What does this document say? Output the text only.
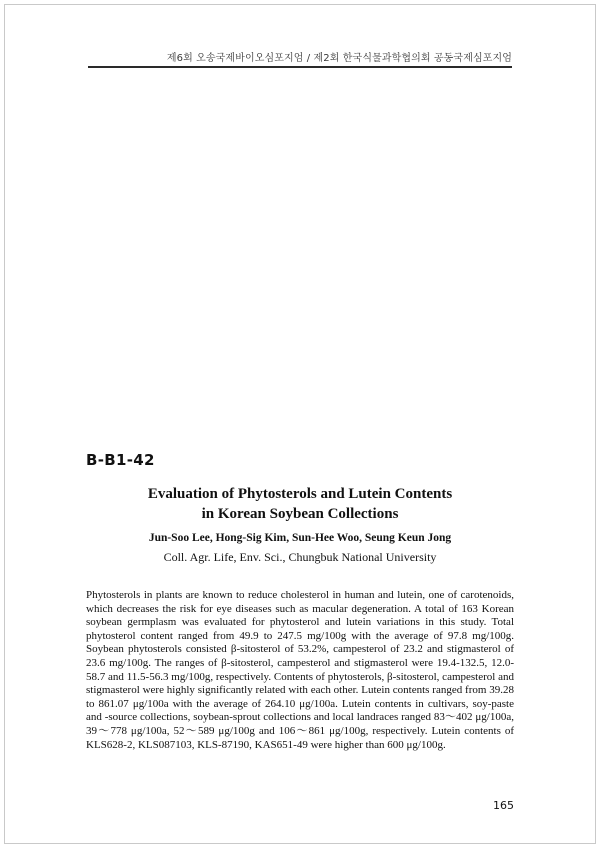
제6회 오송국제바이오심포지엄 / 제2회 한국식물과학협의회 공동국제심포지엄
B-B1-42
Evaluation of Phytosterols and Lutein Contents
in Korean Soybean Collections
Jun-Soo Lee, Hong-Sig Kim, Sun-Hee Woo, Seung Keun Jong
Coll. Agr. Life, Env. Sci., Chungbuk National University

Phytosterols in plants are known to reduce cholesterol in human and lutein, one of carotenoids, which decreases the risk for eye diseases such as macular degeneration. A total of 163 Korean soybean germplasm was evaluated for phytosterol and lutein variations in this study. Total phytosterol content ranged from 49.9 to 247.5 mg/100g with the average of 97.8 mg/100g. Soybean phytosterols consisted β-sitosterol of 53.2%, campesterol of 23.2 and stigmasterol of 23.6 mg/100g. The ranges of β-sitosterol, campesterol and stigmasterol were 19.4-132.5, 12.0-58.7 and 11.5-56.3 mg/100g, respectively. Contents of phytosterols, β-sitosterol, campesterol and stigmasterol were highly significantly related with each other. Lutein contents ranged from 39.28 to 861.07 μg/100a with the average of 264.10 μg/100a. Lutein contents in cultivars, soy-paste and -source collections, soybean-sprout collections and local landraces ranged 83～402 μg/100a, 39～778 μg/100a, 52～589 μg/100g and 106～861 μg/100g, respectively. Lutein contents of KLS628-2, KLS087103, KLS-87190, KAS651-49 were higher than 600 μg/100g.

165
